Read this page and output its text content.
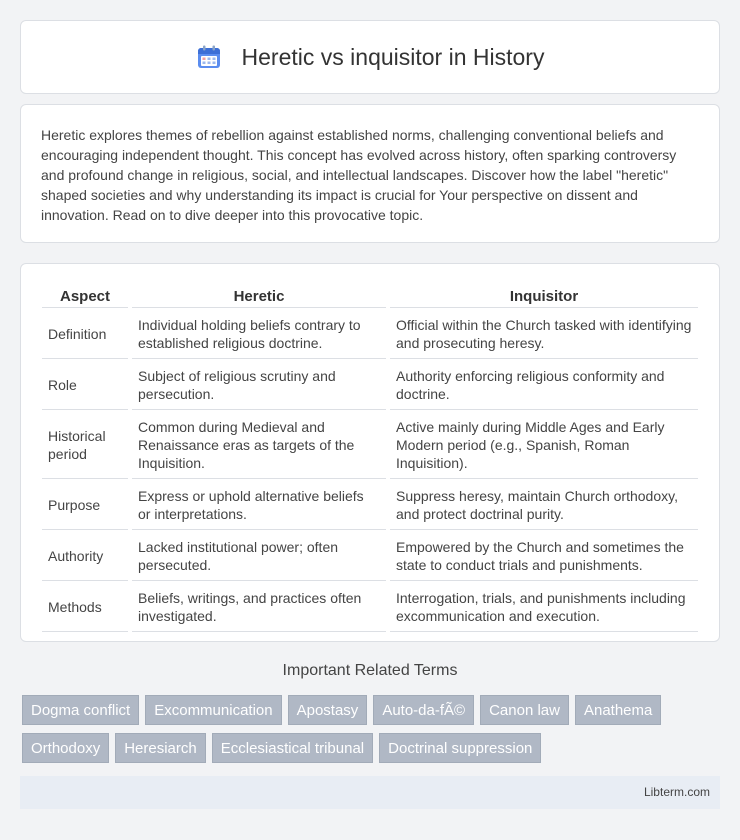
Heretic vs inquisitor in History

Heretic explores themes of rebellion against established norms, challenging conventional beliefs and encouraging independent thought. This concept has evolved across history, often sparking controversy and profound change in religious, social, and intellectual landscapes. Discover how the label "heretic" shaped societies and why understanding its impact is crucial for Your perspective on dissent and innovation. Read on to dive deeper into this provocative topic.

Aspect	Heretic	Inquisitor
Definition	Individual holding beliefs contrary to established religious doctrine.	Official within the Church tasked with identifying and prosecuting heresy.
Role	Subject of religious scrutiny and persecution.	Authority enforcing religious conformity and doctrine.
Historical period	Common during Medieval and Renaissance eras as targets of the Inquisition.	Active mainly during Middle Ages and Early Modern period (e.g., Spanish, Roman Inquisition).
Purpose	Express or uphold alternative beliefs or interpretations.	Suppress heresy, maintain Church orthodoxy, and protect doctrinal purity.
Authority	Lacked institutional power; often persecuted.	Empowered by the Church and sometimes the state to conduct trials and punishments.
Methods	Beliefs, writings, and practices often investigated.	Interrogation, trials, and punishments including excommunication and execution.
Important Related Terms
Dogma conflict	Excommunication	Apostasy	Auto-da-fÃ©	Canon law	Anathema
Orthodoxy	Heresiarch	Ecclesiastical tribunal	Doctrinal suppression
Libterm.com
